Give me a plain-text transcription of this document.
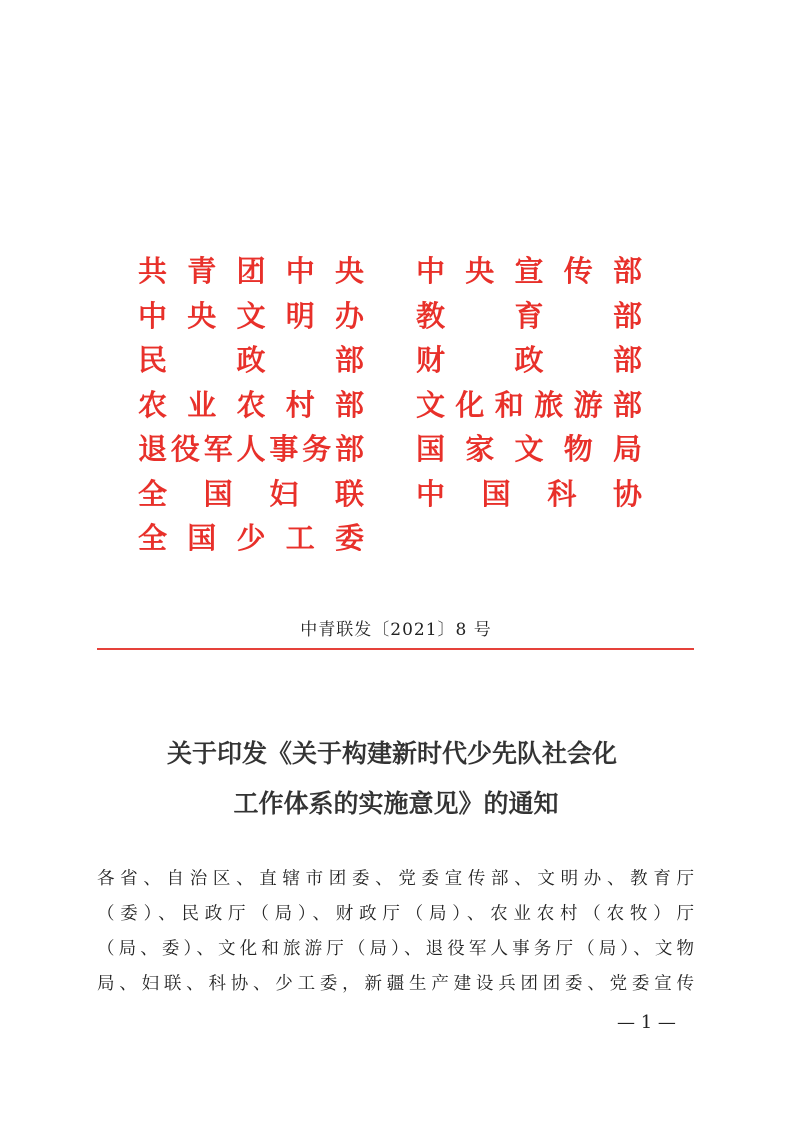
共青团中央 中央宣传部
中央文明办 教育部
民政部 财政部
农业农村部 文化和旅游部
退役军人事务部 国家文物局
全国妇联 中国科协
全国少工委
中青联发〔2021〕8 号
关于印发《关于构建新时代少先队社会化
工作体系的实施意见》的通知
各省、自治区、直辖市团委、党委宣传部、文明办、教育厅
（委）、民政厅（局）、财政厅（局）、农业农村（农牧）厅
（局、委）、文化和旅游厅（局）、退役军人事务厅（局）、文物
局、妇联、科协、少工委，新疆生产建设兵团团委、党委宣传
— 1 —
